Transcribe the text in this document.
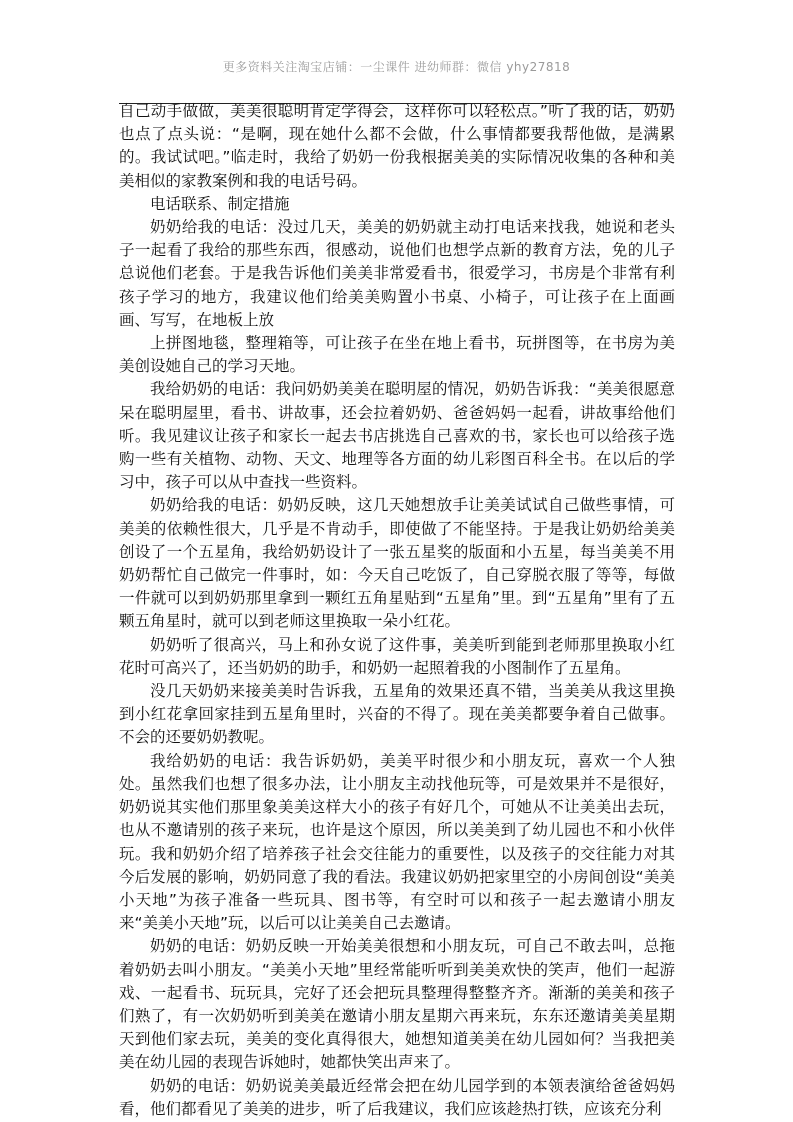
更多资料关注淘宝店铺：一尘课件 进幼师群：微信 yhy27818

自己动手做做，美美很聪明肯定学得会，这样你可以轻松点。”听了我的话，奶奶也点了点头说：“是啊，现在她什么都不会做，什么事情都要我帮他做，是满累的。我试试吧。”临走时，我给了奶奶一份我根据美美的实际情况收集的各种和美美相似的家教案例和我的电话号码。

电话联系、制定措施

奶奶给我的电话：没过几天，美美的奶奶就主动打电话来找我，她说和老头子一起看了我给的那些东西，很感动，说他们也想学点新的教育方法，免的儿子总说他们老套。于是我告诉他们美美非常爱看书，很爱学习，书房是个非常有利孩子学习的地方，我建议他们给美美购置小书桌、小椅子，可让孩子在上面画画、写写，在地板上放

上拼图地毯，整理箱等，可让孩子在坐在地上看书，玩拼图等，在书房为美美创设她自己的学习天地。

我给奶奶的电话：我问奶奶美美在聪明屋的情况，奶奶告诉我：“美美很愿意呆在聪明屋里，看书、讲故事，还会拉着奶奶、爸爸妈妈一起看，讲故事给他们听。我见建议让孩子和家长一起去书店挑选自己喜欢的书，家长也可以给孩子选购一些有关植物、动物、天文、地理等各方面的幼儿彩图百科全书。在以后的学习中，孩子可以从中查找一些资料。

奶奶给我的电话：奶奶反映，这几天她想放手让美美试试自己做些事情，可美美的依赖性很大，几乎是不肯动手，即使做了不能坚持。于是我让奶奶给美美创设了一个五星角，我给奶奶设计了一张五星奖的版面和小五星，每当美美不用奶奶帮忙自己做完一件事时，如：今天自己吃饭了，自己穿脱衣服了等等，每做一件就可以到奶奶那里拿到一颗红五角星贴到“五星角”里。到“五星角”里有了五颗五角星时，就可以到老师这里换取一朵小红花。

奶奶听了很高兴，马上和孙女说了这件事，美美听到能到老师那里换取小红花时可高兴了，还当奶奶的助手，和奶奶一起照着我的小图制作了五星角。

没几天奶奶来接美美时告诉我，五星角的效果还真不错，当美美从我这里换到小红花拿回家挂到五星角里时，兴奋的不得了。现在美美都要争着自己做事。不会的还要奶奶教呢。

我给奶奶的电话：我告诉奶奶，美美平时很少和小朋友玩，喜欢一个人独处。虽然我们也想了很多办法，让小朋友主动找他玩等，可是效果并不是很好，奶奶说其实他们那里象美美这样大小的孩子有好几个，可她从不让美美出去玩，也从不邀请别的孩子来玩，也许是这个原因，所以美美到了幼儿园也不和小伙伴玩。我和奶奶介绍了培养孩子社会交往能力的重要性，以及孩子的交往能力对其今后发展的影响，奶奶同意了我的看法。我建议奶奶把家里空的小房间创设“美美小天地”为孩子准备一些玩具、图书等，有空时可以和孩子一起去邀请小朋友来“美美小天地”玩，以后可以让美美自己去邀请。

奶奶的电话：奶奶反映一开始美美很想和小朋友玩，可自己不敢去叫，总拖着奶奶去叫小朋友。“美美小天地”里经常能听听到美美欢快的笑声，他们一起游戏、一起看书、玩玩具，完好了还会把玩具整理得整整齐齐。渐渐的美美和孩子们熟了，有一次奶奶听到美美在邀请小朋友星期六再来玩，东东还邀请美美星期天到他们家去玩，美美的变化真得很大，她想知道美美在幼儿园如何？当我把美美在幼儿园的表现告诉她时，她都快笑出声来了。

奶奶的电话：奶奶说美美最近经常会把在幼儿园学到的本领表演给爸爸妈妈看，他们都看见了美美的进步，听了后我建议，我们应该趁热打铁，应该充分利
